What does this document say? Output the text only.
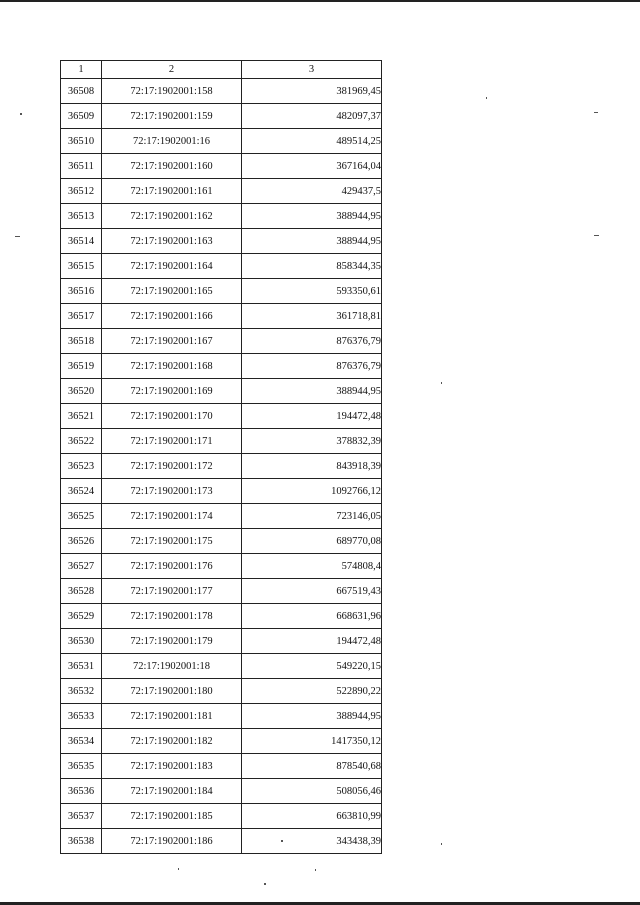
1	2	3
36508	72:17:1902001:158	381969,45
36509	72:17:1902001:159	482097,37
36510	72:17:1902001:16	489514,25
36511	72:17:1902001:160	367164,04
36512	72:17:1902001:161	429437,5
36513	72:17:1902001:162	388944,95
36514	72:17:1902001:163	388944,95
36515	72:17:1902001:164	858344,35
36516	72:17:1902001:165	593350,61
36517	72:17:1902001:166	361718,81
36518	72:17:1902001:167	876376,79
36519	72:17:1902001:168	876376,79
36520	72:17:1902001:169	388944,95
36521	72:17:1902001:170	194472,48
36522	72:17:1902001:171	378832,39
36523	72:17:1902001:172	843918,39
36524	72:17:1902001:173	1092766,12
36525	72:17:1902001:174	723146,05
36526	72:17:1902001:175	689770,08
36527	72:17:1902001:176	574808,4
36528	72:17:1902001:177	667519,43
36529	72:17:1902001:178	668631,96
36530	72:17:1902001:179	194472,48
36531	72:17:1902001:18	549220,15
36532	72:17:1902001:180	522890,22
36533	72:17:1902001:181	388944,95
36534	72:17:1902001:182	1417350,12
36535	72:17:1902001:183	878540,68
36536	72:17:1902001:184	508056,46
36537	72:17:1902001:185	663810,99
36538	72:17:1902001:186	343438,39
